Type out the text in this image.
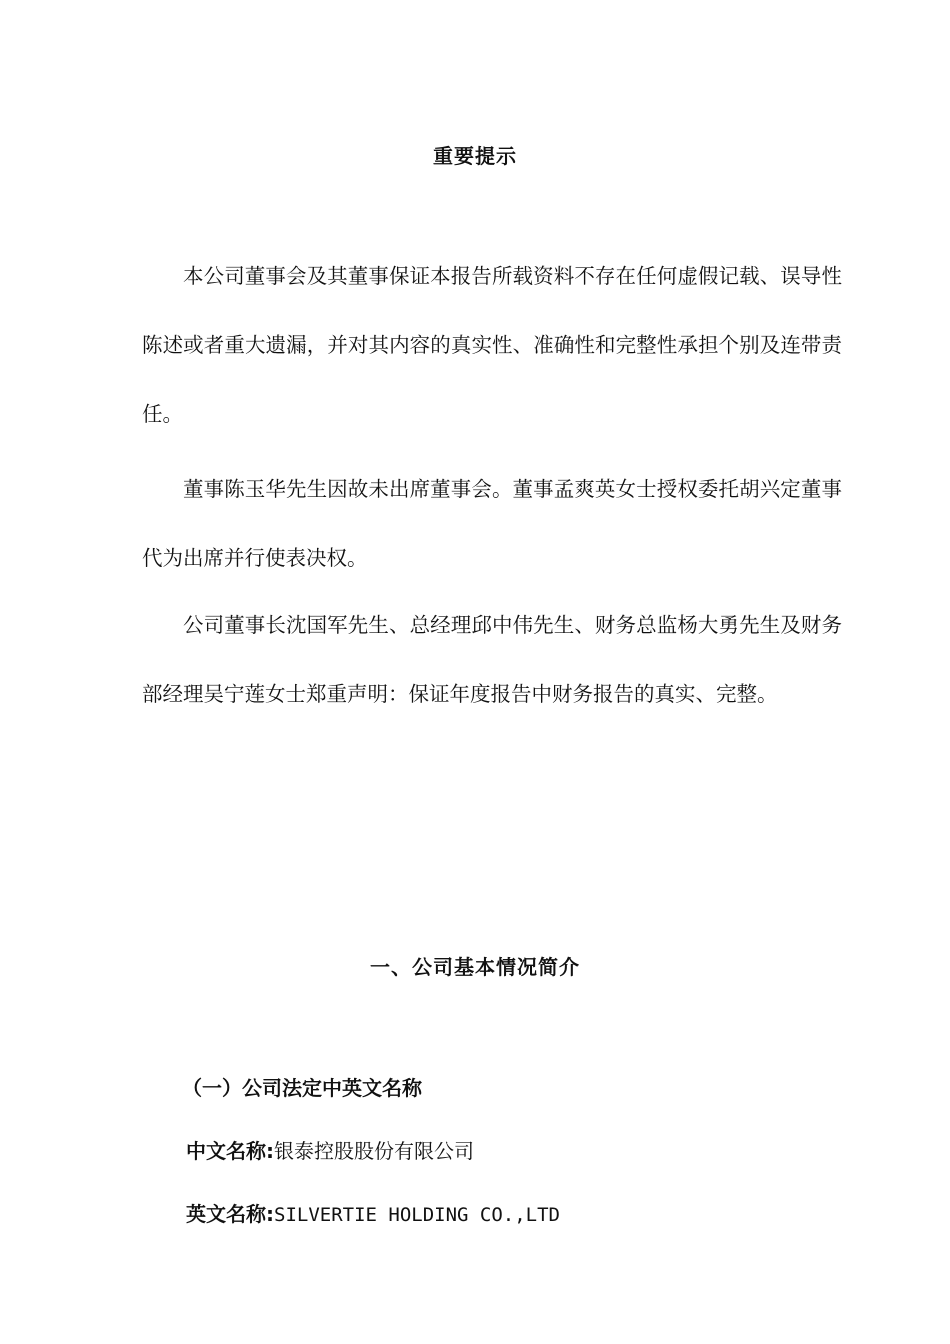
重要提示
本公司董事会及其董事保证本报告所载资料不存在任何虚假记载、误导性陈述或者重大遗漏，并对其内容的真实性、准确性和完整性承担个别及连带责任。
董事陈玉华先生因故未出席董事会。董事孟爽英女士授权委托胡兴定董事代为出席并行使表决权。
公司董事长沈国军先生、总经理邱中伟先生、财务总监杨大勇先生及财务部经理吴宁莲女士郑重声明：保证年度报告中财务报告的真实、完整。
一、公司基本情况简介
（一）公司法定中英文名称
中文名称:银泰控股股份有限公司
英文名称:SILVERTIE HOLDING CO.,LTD
